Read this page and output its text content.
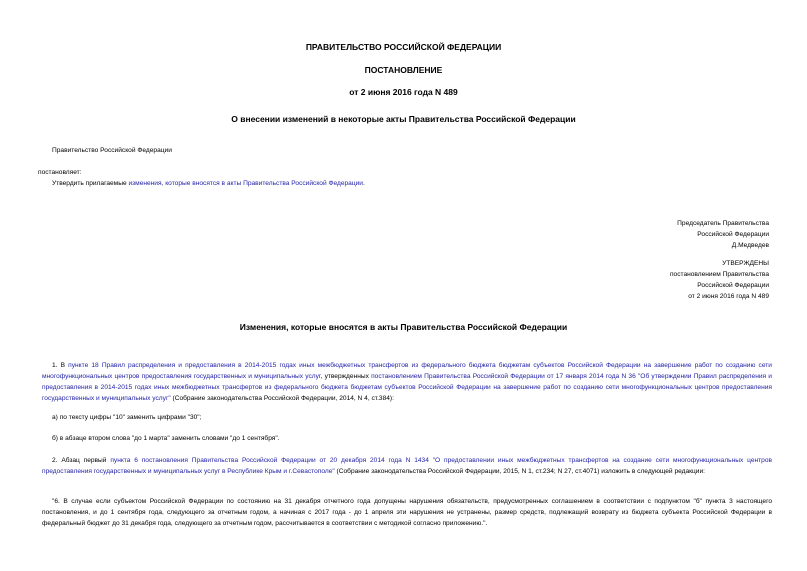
ПРАВИТЕЛЬСТВО РОССИЙСКОЙ ФЕДЕРАЦИИ
ПОСТАНОВЛЕНИЕ
от 2 июня 2016 года N 489
О внесении изменений в некоторые акты Правительства Российской Федерации
Правительство Российской Федерации
постановляет:
Утвердить прилагаемые изменения, которые вносятся в акты Правительства Российской Федерации.
Председатель Правительства
Российской Федерации
Д.Медведев
УТВЕРЖДЕНЫ
постановлением Правительства
Российской Федерации
от 2 июня 2016 года N 489
Изменения, которые вносятся в акты Правительства Российской Федерации
1. В пункте 18 Правил распределения и предоставления в 2014-2015 годах иных межбюджетных трансфертов из федерального бюджета бюджетам субъектов Российской Федерации на завершение работ по созданию сети многофункциональных центров предоставления государственных и муниципальных услуг, утвержденных постановлением Правительства Российской Федерации от 17 января 2014 года N 36 "Об утверждении Правил распределения и предоставления в 2014-2015 годах иных межбюджетных трансфертов из федерального бюджета бюджетам субъектов Российской Федерации на завершение работ по созданию сети многофункциональных центров предоставления государственных и муниципальных услуг" (Собрание законодательства Российской Федерации, 2014, N 4, ст.384):
а) по тексту цифры "10" заменить цифрами "30";
б) в абзаце втором слова "до 1 марта" заменить словами "до 1 сентября".
2. Абзац первый пункта 6 постановления Правительства Российской Федерации от 20 декабря 2014 года N 1434 "О предоставлении иных межбюджетных трансфертов на создание сети многофункциональных центров предоставления государственных и муниципальных услуг в Республике Крым и г.Севастополе" (Собрание законодательства Российской Федерации, 2015, N 1, ст.234; N 27, ст.4071) изложить в следующей редакции:
"6. В случае если субъектом Российской Федерации по состоянию на 31 декабря отчетного года допущены нарушения обязательств, предусмотренных соглашением в соответствии с подпунктом "б" пункта 3 настоящего постановления, и до 1 сентября года, следующего за отчетным годом, а начиная с 2017 года - до 1 апреля эти нарушения не устранены, размер средств, подлежащий возврату из бюджета субъекта Российской Федерации в федеральный бюджет до 31 декабря года, следующего за отчетным годом, рассчитывается в соответствии с методикой согласно приложению.".
